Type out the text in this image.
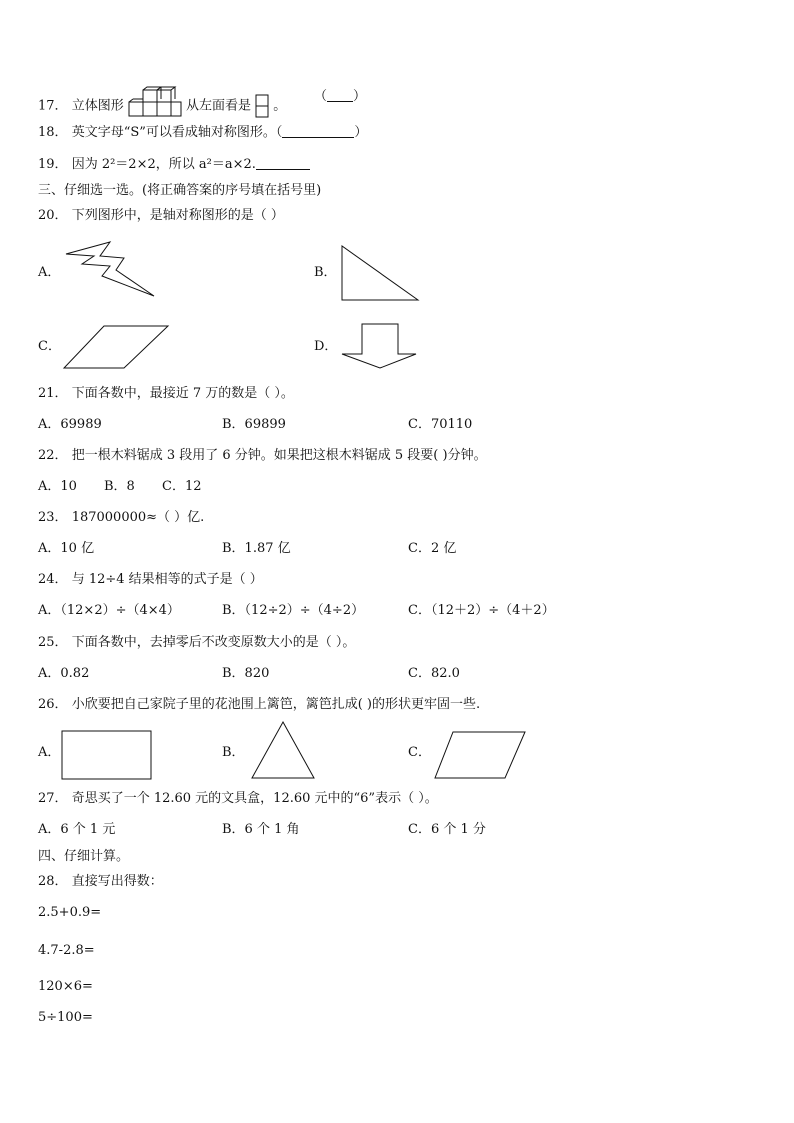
17． 立体图形	从左面看是 。
（ ）
18． 英文字母“S”可以看成轴对称图形。（	）
19． 因为 2²＝2×2，所以 a²＝a×2.
三、仔细选一选。(将正确答案的序号填在括号里)
20． 下列图形中，是轴对称图形的是（ ）
A．	B．
C．	D．
21． 下面各数中，最接近 7 万的数是（ ）。
A．69989	B．69899	C．70110
22． 把一根木料锯成 3 段用了 6 分钟。如果把这根木料锯成 5 段要( )分钟。
A．10 B．8 C．12
23． 187000000≈（ ）亿.
A．10 亿	B．1.87 亿	C．2 亿
24． 与 12÷4 结果相等的式子是（ ）
A．（12×2）÷（4×4）	B．（12÷2）÷（4÷2）	C．（12＋2）÷（4＋2）
25． 下面各数中，去掉零后不改变原数大小的是（ ）。
A．0.82	B．820	C．82.0
26． 小欣要把自己家院子里的花池围上篱笆，篱笆扎成( )的形状更牢固一些.
A．	B．	C．
27． 奇思买了一个 12.60 元的文具盒，12.60 元中的“6”表示（ ）。
A．6 个 1 元	B．6 个 1 角	C．6 个 1 分
四、仔细计算。
28． 直接写出得数：
2.5+0.9=
4.7-2.8=
120×6=
5÷100=
